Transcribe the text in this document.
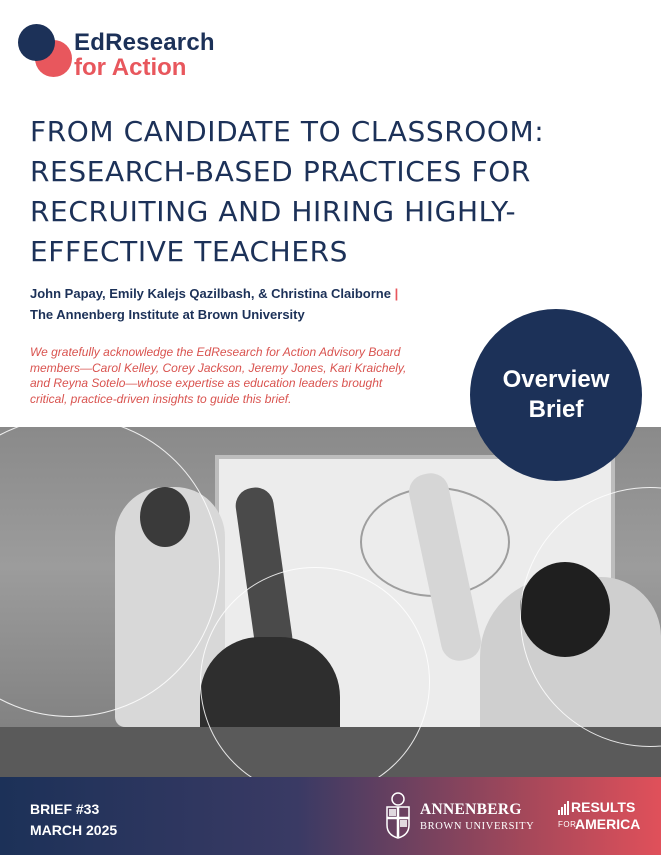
EdResearch
for Action
FROM CANDIDATE TO CLASSROOM:
RESEARCH-BASED PRACTICES FOR
RECRUITING AND HIRING HIGHLY-
EFFECTIVE TEACHERS
John Papay, Emily Kalejs Qazilbash, & Christina Claiborne |
The Annenberg Institute at Brown University
We gratefully acknowledge the EdResearch for Action Advisory Board
members—Carol Kelley, Corey Jackson, Jeremy Jones, Kari Kraichely,
and Reyna Sotelo—whose expertise as education leaders brought
critical, practice-driven insights to guide this brief.
Overview
Brief
BRIEF #33
MARCH 2025
ANNENBERG
BROWN UNIVERSITY
RESULTS
FOR
AMERICA
